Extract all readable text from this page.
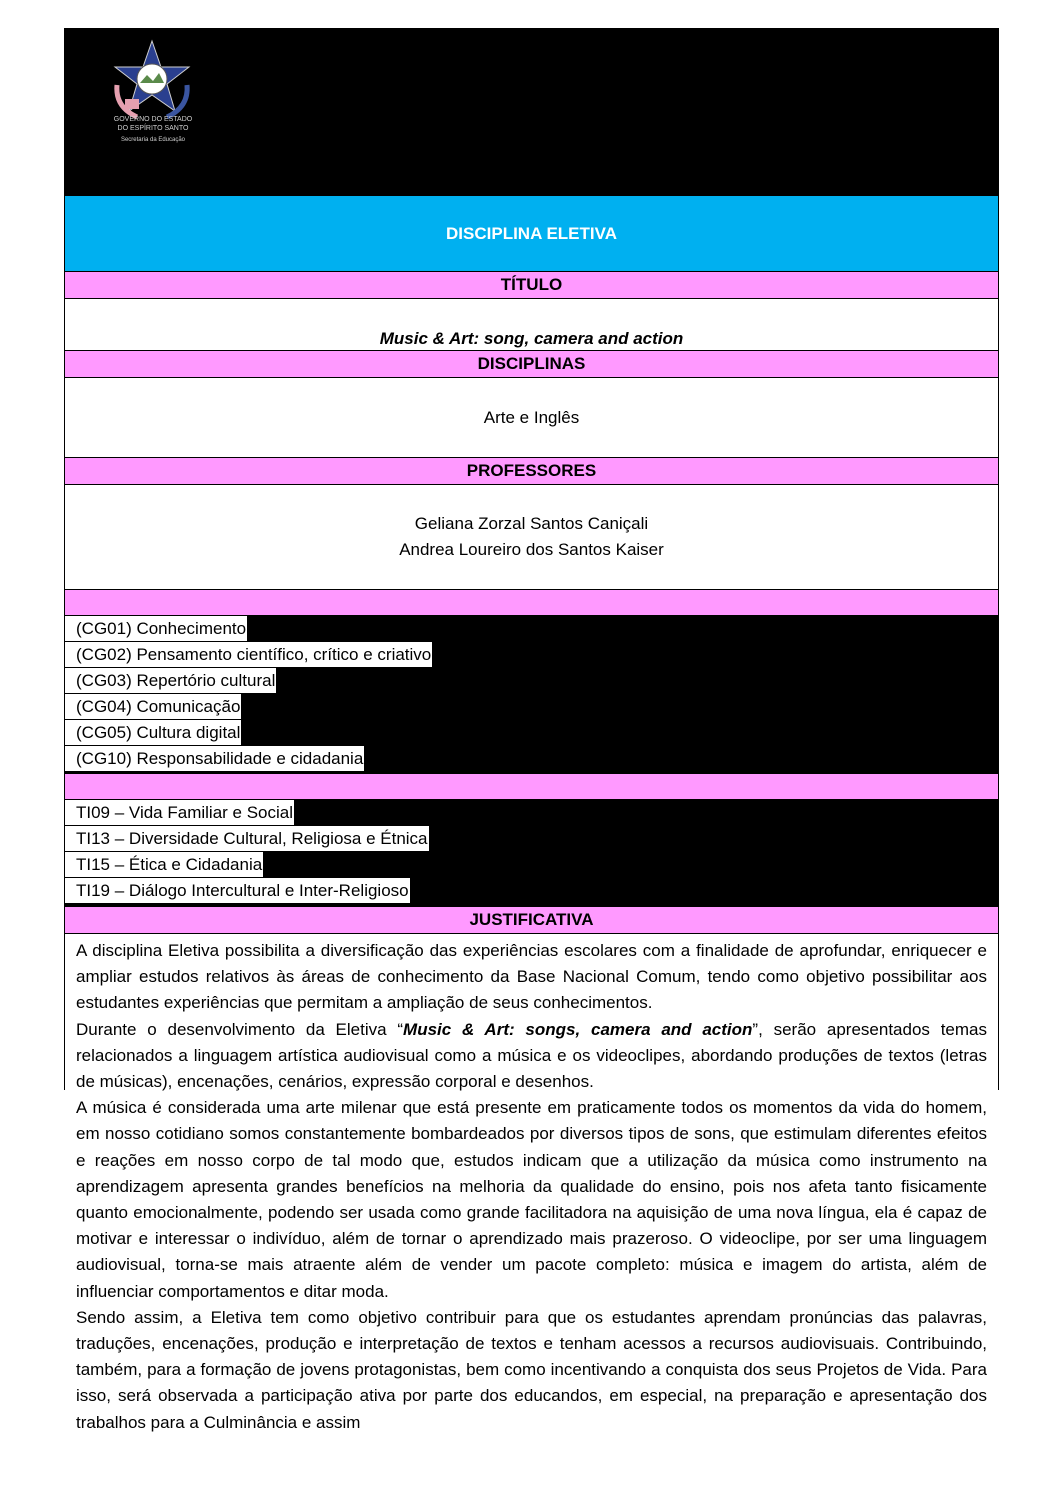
GOVERNO DO ESTADO
DO ESPÍRITO SANTO
Secretaria da Educação
DISCIPLINA ELETIVA
TÍTULO
Music & Art: song, camera and action
DISCIPLINAS
Arte e Inglês
PROFESSORES
Geliana Zorzal Santos Caniçali
Andrea Loureiro dos Santos Kaiser
(CG01) Conhecimento
(CG02) Pensamento científico, crítico e criativo
(CG03) Repertório cultural
(CG04) Comunicação
(CG05) Cultura digital
(CG10) Responsabilidade e cidadania
TI09 – Vida Familiar e Social
TI13 – Diversidade Cultural, Religiosa e Étnica
TI15 – Ética e Cidadania
TI19 – Diálogo Intercultural e Inter-Religioso
JUSTIFICATIVA

A disciplina Eletiva possibilita a diversificação das experiências escolares com a finalidade de aprofundar, enriquecer e ampliar estudos relativos às áreas de conhecimento da Base Nacional Comum, tendo como objetivo possibilitar aos estudantes experiências que permitam a ampliação de seus conhecimentos.

Durante o desenvolvimento da Eletiva “Music & Art: songs, camera and action”, serão apresentados temas relacionados a linguagem artística audiovisual como a música e os videoclipes, abordando produções de textos (letras de músicas), encenações, cenários, expressão corporal e desenhos.

A música é considerada uma arte milenar que está presente em praticamente todos os momentos da vida do homem, em nosso cotidiano somos constantemente bombardeados por diversos tipos de sons, que estimulam diferentes efeitos e reações em nosso corpo de tal modo que, estudos indicam que a utilização da música como instrumento na aprendizagem apresenta grandes benefícios na melhoria da qualidade do ensino, pois nos afeta tanto fisicamente quanto emocionalmente, podendo ser usada como grande facilitadora na aquisição de uma nova língua, ela é capaz de motivar e interessar o indivíduo, além de tornar o aprendizado mais prazeroso. O videoclipe, por ser uma linguagem audiovisual, torna-se mais atraente além de vender um pacote completo: música e imagem do artista, além de influenciar comportamentos e ditar moda.

Sendo assim, a Eletiva tem como objetivo contribuir para que os estudantes aprendam pronúncias das palavras, traduções, encenações, produção e interpretação de textos e tenham acessos a recursos audiovisuais. Contribuindo, também, para a formação de jovens protagonistas, bem como incentivando a conquista dos seus Projetos de Vida. Para isso, será observada a participação ativa por parte dos educandos, em especial, na preparação e apresentação dos trabalhos para a Culminância e assim
